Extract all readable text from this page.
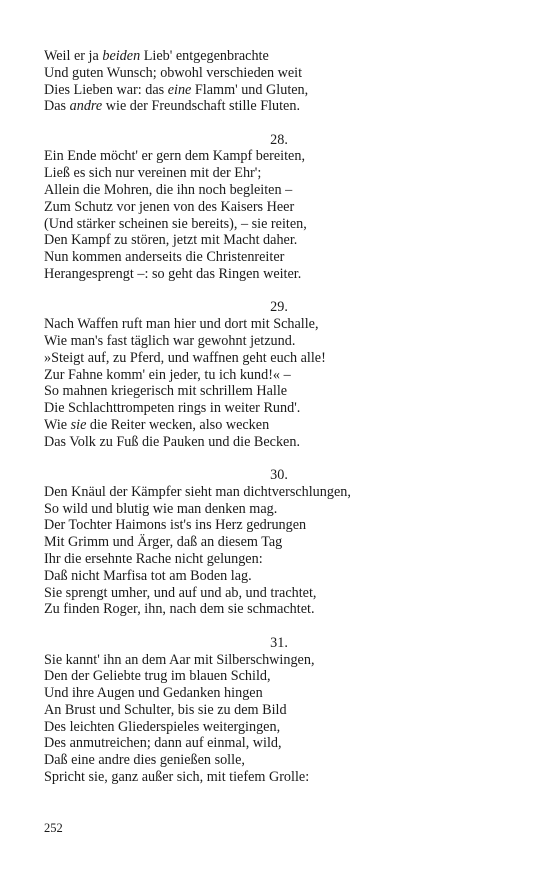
Weil er ja beiden Lieb' entgegenbrachte
Und guten Wunsch; obwohl verschieden weit
Dies Lieben war: das eine Flamm' und Gluten,
Das andre wie der Freundschaft stille Fluten.
28.
Ein Ende möcht' er gern dem Kampf bereiten,
Ließ es sich nur vereinen mit der Ehr';
Allein die Mohren, die ihn noch begleiten –
Zum Schutz vor jenen von des Kaisers Heer
(Und stärker scheinen sie bereits), – sie reiten,
Den Kampf zu stören, jetzt mit Macht daher.
Nun kommen anderseits die Christenreiter
Herangesprengt –: so geht das Ringen weiter.
29.
Nach Waffen ruft man hier und dort mit Schalle,
Wie man's fast täglich war gewohnt jetzund.
»Steigt auf, zu Pferd, und waffnen geht euch alle!
Zur Fahne komm' ein jeder, tu ich kund!« –
So mahnen kriegerisch mit schrillem Halle
Die Schlachttrompeten rings in weiter Rund'.
Wie sie die Reiter wecken, also wecken
Das Volk zu Fuß die Pauken und die Becken.
30.
Den Knäul der Kämpfer sieht man dichtverschlungen,
So wild und blutig wie man denken mag.
Der Tochter Haimons ist's ins Herz gedrungen
Mit Grimm und Ärger, daß an diesem Tag
Ihr die ersehnte Rache nicht gelungen:
Daß nicht Marfisa tot am Boden lag.
Sie sprengt umher, und auf und ab, und trachtet,
Zu finden Roger, ihn, nach dem sie schmachtet.
31.
Sie kannt' ihn an dem Aar mit Silberschwingen,
Den der Geliebte trug im blauen Schild,
Und ihre Augen und Gedanken hingen
An Brust und Schulter, bis sie zu dem Bild
Des leichten Gliederspieles weitergingen,
Des anmutreichen; dann auf einmal, wild,
Daß eine andre dies genießen solle,
Spricht sie, ganz außer sich, mit tiefem Grolle:
252
